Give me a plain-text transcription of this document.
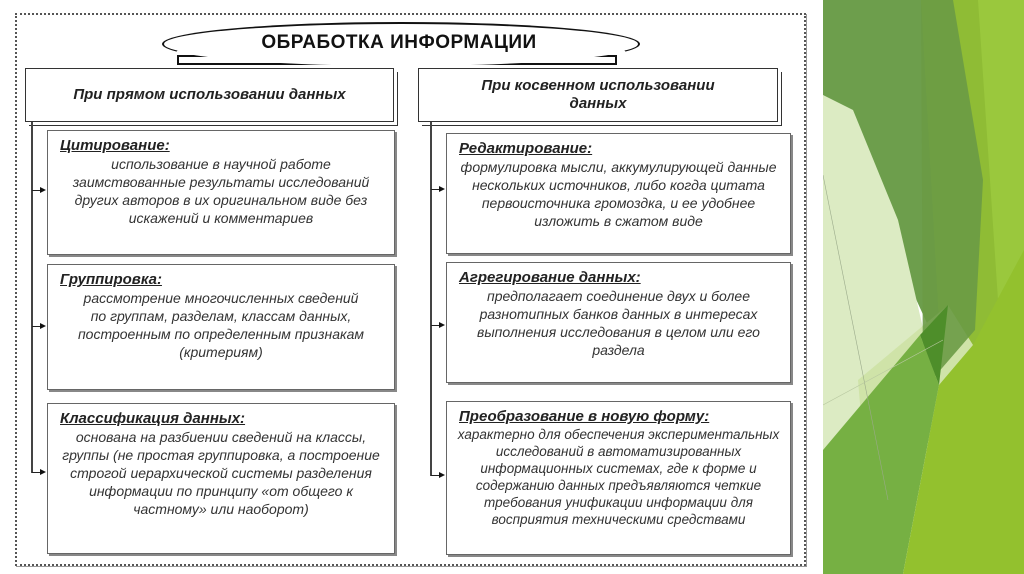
ОБРАБОТКА ИНФОРМАЦИИ
При прямом использовании данных
При косвенном использовании данных
Цитирование:
использование в научной работе заимствованные результаты исследований других авторов в их оригинальном виде без искажений и комментариев
Группировка:
рассмотрение многочисленных сведений по группам, разделам, классам данных, построенным по определенным признакам (критериям)
Классификация данных:
основана на разбиении сведений на классы, группы (не простая группировка, а построение строгой иерархической системы разделения информации по принципу «от общего к частному» или наоборот)
Редактирование:
формулировка мысли, аккумулирующей данные нескольких источников, либо когда цитата первоисточника громоздка, и ее удобнее изложить в сжатом виде
Агрегирование данных:
предполагает соединение двух и более разнотипных банков данных в интересах выполнения исследования в целом или его раздела
Преобразование в новую форму:
характерно для обеспечения экспериментальных исследований в автоматизированных информационных системах, где к форме и содержанию данных предъявляются четкие требования унификации информации для восприятия техническими средствами
